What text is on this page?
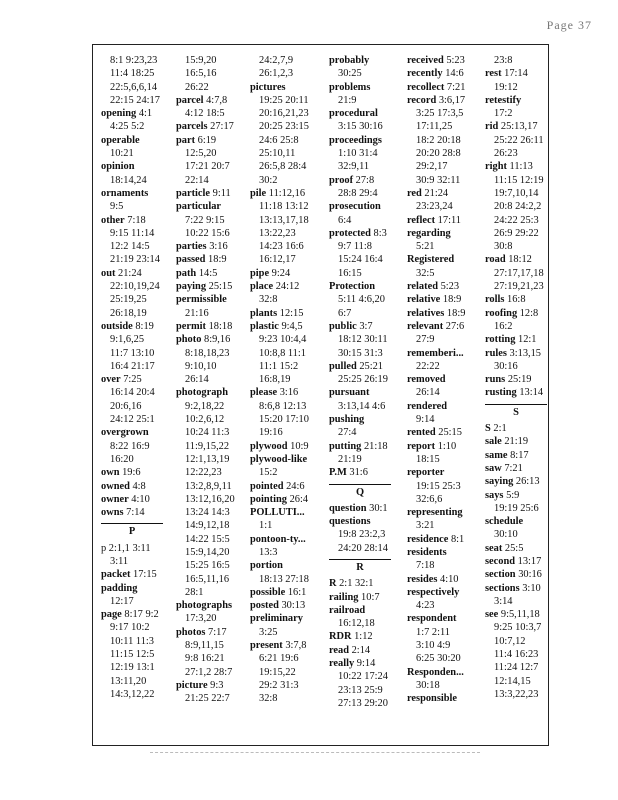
Page 37
8:1 9:23,23
11:4 18:25
22:5,6,6,14
22:15 24:17
opening 4:1
4:25 5:2
operable
10:21
opinion
18:14,24
ornaments
9:5
other 7:18
9:15 11:14
12:2 14:5
21:19 23:14
out 21:24
22:10,19,24
25:19,25
26:18,19
outside 8:19
9:1,6,25
11:7 13:10
16:4 21:17
over 7:25
16:14 20:4
20:6,16
24:12 25:1
overgrown
8:22 16:9
16:20
own 19:6
owned 4:8
owner 4:10
owns 7:14
P
p 2:1,1 3:11
3:11
packet 17:15
padding
12:17
page 8:17 9:2
9:17 10:2
10:11 11:3
11:15 12:5
12:19 13:1
13:11,20
14:3,12,22
15:9,20
16:5,16
26:22
parcel 4:7,8
4:12 18:5
parcels 27:17
part 6:19
12:5,20
17:21 20:7
22:14
particle 9:11
particular
7:22 9:15
10:22 15:6
parties 3:16
passed 18:9
path 14:5
paying 25:15
permissible
21:16
permit 18:18
photo 8:9,16
8:18,18,23
9:10,10
26:14
photograph
9:2,18,22
10:2,6,12
10:24 11:3
11:9,15,22
12:1,13,19
12:22,23
13:2,8,9,11
13:12,16,20
13:24 14:3
14:9,12,18
14:22 15:5
15:9,14,20
15:25 16:5
16:5,11,16
28:1
photographs
17:3,20
photos 7:17
8:9,11,15
9:8 16:21
27:1,2 28:7
picture 9:3
21:25 22:7
24:2,7,9
26:1,2,3
pictures
19:25 20:11
20:16,21,23
20:25 23:15
24:6 25:8
25:10,11
26:5,8 28:4
30:2
pile 11:12,16
11:18 13:12
13:13,17,18
13:22,23
14:23 16:6
16:12,17
pipe 9:24
place 24:12
32:8
plants 12:15
plastic 9:4,5
9:23 10:4,4
10:8,8 11:1
11:1 15:2
16:8,19
please 3:16
8:6,8 12:13
15:20 17:10
19:16
plywood 10:9
plywood-like
15:2
pointed 24:6
pointing 26:4
POLLUTI...
1:1
pontoon-ty...
13:3
portion
18:13 27:18
possible 16:1
posted 30:13
preliminary
3:25
present 3:7,8
6:21 19:6
19:15,22
29:2 31:3
32:8
probably
30:25
problems
21:9
procedural
3:15 30:16
proceedings
1:10 31:4
32:9,11
proof 27:8
28:8 29:4
prosecution
6:4
protected 8:3
9:7 11:8
15:24 16:4
16:15
Protection
5:11 4:6,20
6:7
public 3:7
18:12 30:11
30:15 31:3
pulled 25:21
25:25 26:19
pursuant
3:13,14 4:6
pushing
27:4
putting 21:18
21:19
P.M 31:6
Q
question 30:1
questions
19:8 23:2,3
24:20 28:14
R
R 2:1 32:1
railing 10:7
railroad
16:12,18
RDR 1:12
read 2:14
really 9:14
10:22 17:24
23:13 25:9
27:13 29:20
received 5:23
recently 14:6
recollect 7:21
record 3:6,17
3:25 17:3,5
17:11,25
18:2 20:18
20:20 28:8
29:2,17
30:9 32:11
red 21:24
23:23,24
reflect 17:11
regarding
5:21
Registered
32:5
related 5:23
relative 18:9
relatives 18:9
relevant 27:6
27:9
rememberi...
22:22
removed
26:14
rendered
9:14
rented 25:15
report 1:10
18:15
reporter
19:15 25:3
32:6,6
representing
3:21
residence 8:1
residents
7:18
resides 4:10
respectively
4:23
respondent
1:7 2:11
3:10 4:9
6:25 30:20
Responden...
30:18
responsible
23:8
rest 17:14
19:12
retestify
17:2
rid 25:13,17
25:22 26:11
26:23
right 11:13
11:15 12:19
19:7,10,14
20:8 24:2,2
24:22 25:3
26:9 29:22
30:8
road 18:12
27:17,17,18
27:19,21,23
rolls 16:8
roofing 12:8
16:2
rotting 12:1
rules 3:13,15
30:16
runs 25:19
rusting 13:14
S
S 2:1
sale 21:19
same 8:17
saw 7:21
saying 26:13
says 5:9
19:19 25:6
schedule
30:10
seat 25:5
second 13:17
section 30:16
sections 3:10
3:14
see 9:5,11,18
9:25 10:3,7
10:7,12
11:4 16:23
11:24 12:7
12:14,15
13:3,22,23
